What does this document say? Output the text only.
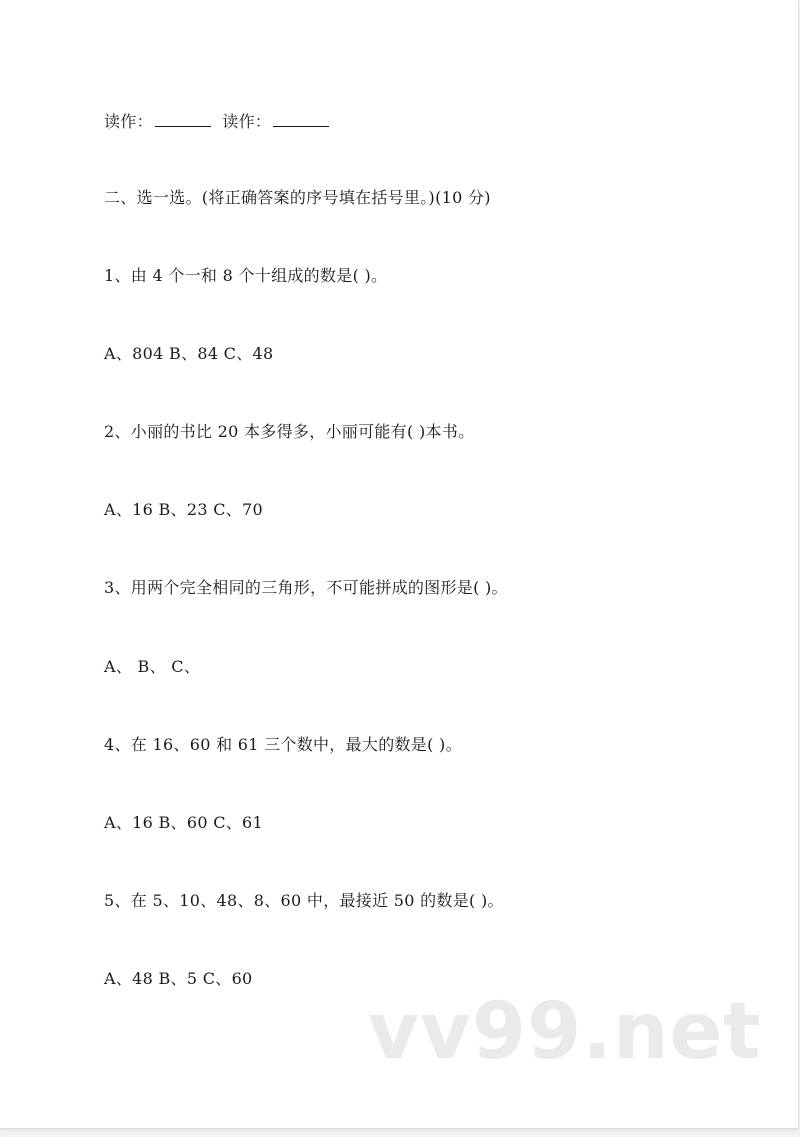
读作：	读作：
二、选一选。(将正确答案的序号填在括号里。)(10 分)
1、由 4 个一和 8 个十组成的数是( )。
A、804 B、84 C、48
2、小丽的书比 20 本多得多，小丽可能有( )本书。
A、16 B、23 C、70
3、用两个完全相同的三角形，不可能拼成的图形是( )。
A、 B、 C、
4、在 16、60 和 61 三个数中，最大的数是( )。
A、16 B、60 C、61
5、在 5、10、48、8、60 中，最接近 50 的数是( )。
A、48 B、5 C、60
vv99.net
